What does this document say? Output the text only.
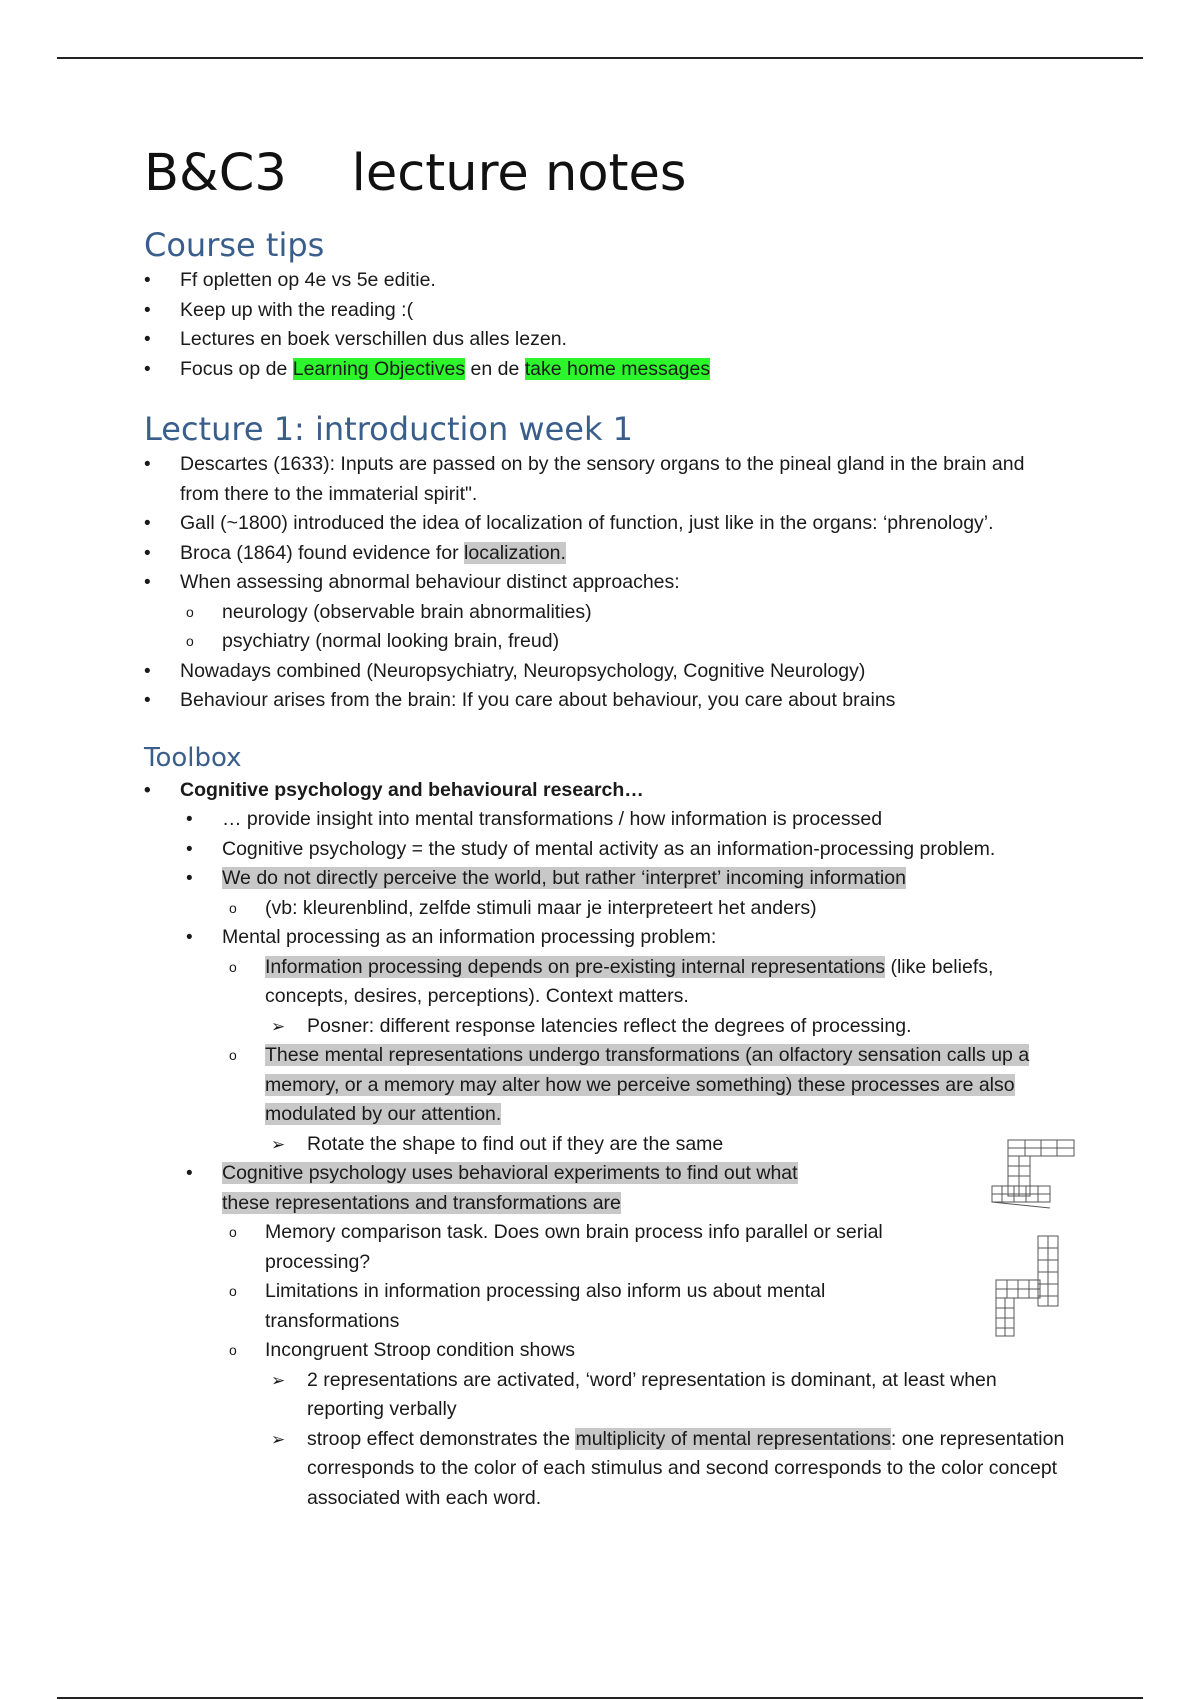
B&C3    lecture notes
Course tips
• Ff opletten op 4e vs 5e editie.
• Keep up with the reading :(
• Lectures en boek verschillen dus alles lezen.
• Focus op de Learning Objectives en de take home messages
Lecture 1: introduction week 1
• Descartes (1633): Inputs are passed on by the sensory organs to the pineal gland in the brain and from there to the immaterial spirit".
• Gall (~1800) introduced the idea of localization of function, just like in the organs: ‘phrenology’.
• Broca (1864) found evidence for localization.
• When assessing abnormal behaviour distinct approaches:
o neurology (observable brain abnormalities)
o psychiatry (normal looking brain, freud)
• Nowadays combined (Neuropsychiatry, Neuropsychology, Cognitive Neurology)
• Behaviour arises from the brain: If you care about behaviour, you care about brains
Toolbox
• Cognitive psychology and behavioural research…
• … provide insight into mental transformations / how information is processed
• Cognitive psychology = the study of mental activity as an information-processing problem.
• We do not directly perceive the world, but rather ‘interpret’ incoming information
o (vb: kleurenblind, zelfde stimuli maar je interpreteert het anders)
• Mental processing as an information processing problem:
o Information processing depends on pre-existing internal representations (like beliefs, concepts, desires, perceptions). Context matters.
➢ Posner: different response latencies reflect the degrees of processing.
o These mental representations undergo transformations (an olfactory sensation calls up a memory, or a memory may alter how we perceive something) these processes are also modulated by our attention.
➢ Rotate the shape to find out if they are the same
• Cognitive psychology uses behavioral experiments to find out what these representations and transformations are
o Memory comparison task. Does own brain process info parallel or serial processing?
o Limitations in information processing also inform us about mental transformations
o Incongruent Stroop condition shows
➢ 2 representations are activated, ‘word’ representation is dominant, at least when reporting verbally
➢ stroop effect demonstrates the multiplicity of mental representations: one representation corresponds to the color of each stimulus and second corresponds to the color concept associated with each word.
